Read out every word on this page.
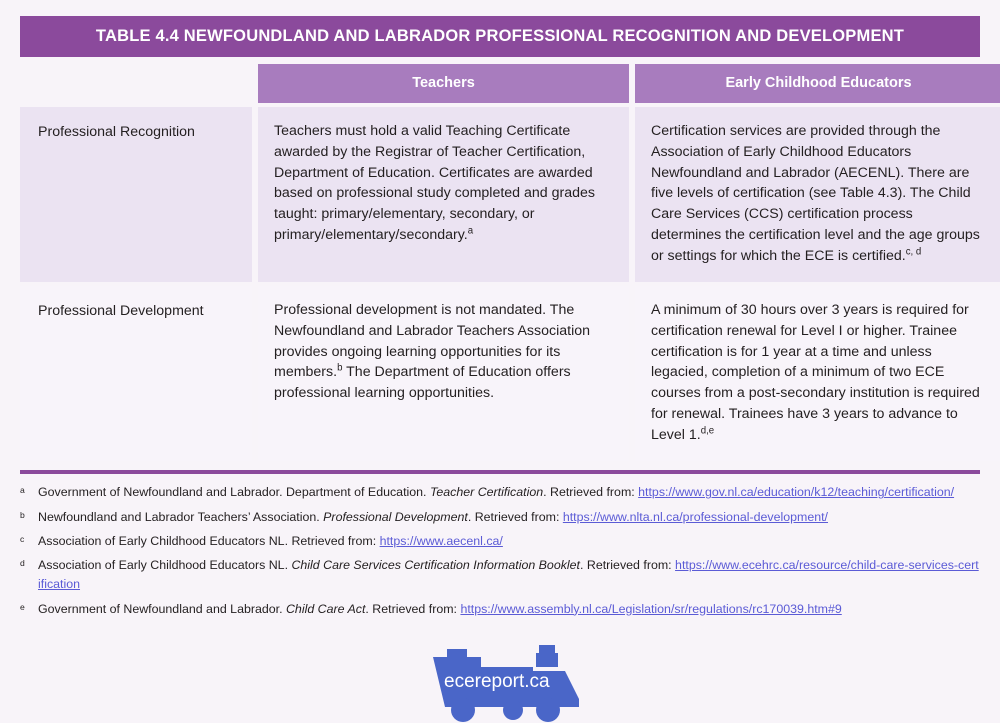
TABLE 4.4 NEWFOUNDLAND AND LABRADOR PROFESSIONAL RECOGNITION AND DEVELOPMENT
	Teachers	Early Childhood Educators

Professional Recognition	Teachers must hold a valid Teaching Certificate awarded by the Registrar of Teacher Certification, Department of Education. Certificates are awarded based on professional study completed and grades taught: primary/elementary, secondary, or primary/elementary/secondary.$^a$	Certification services are provided through the Association of Early Childhood Educators Newfoundland and Labrador (AECENL). There are five levels of certification (see Table 4.3). The Child Care Services (CCS) certification process determines the certification level and the age groups or settings for which the ECE is certified.$^{c, d}$

Professional Development	Professional development is not mandated. The Newfoundland and Labrador Teachers Association provides ongoing learning opportunities for its members.$^b$ The Department of Education offers professional learning opportunities.	A minimum of 30 hours over 3 years is required for certification renewal for Level I or higher. Trainee certification is for 1 year at a time and unless legacied, completion of a minimum of two ECE courses from a post-secondary institution is required for renewal. Trainees have 3 years to advance to Level 1.$^{d,e}$
a	Government of Newfoundland and Labrador. Department of Education. Teacher Certification. Retrieved from: https://www.gov.nl.ca/education/k12/teaching/certification/
b	Newfoundland and Labrador Teachers’ Association. Professional Development. Retrieved from: https://www.nlta.nl.ca/professional-development/
c	Association of Early Childhood Educators NL. Retrieved from: https://www.aecenl.ca/
d	Association of Early Childhood Educators NL. Child Care Services Certification Information Booklet. Retrieved from: https://www.ecehrc.ca/resource/child-care-services-certification
e	Government of Newfoundland and Labrador. Child Care Act. Retrieved from: https://www.assembly.nl.ca/Legislation/sr/regulations/rc170039.htm#9
ecereport.ca
